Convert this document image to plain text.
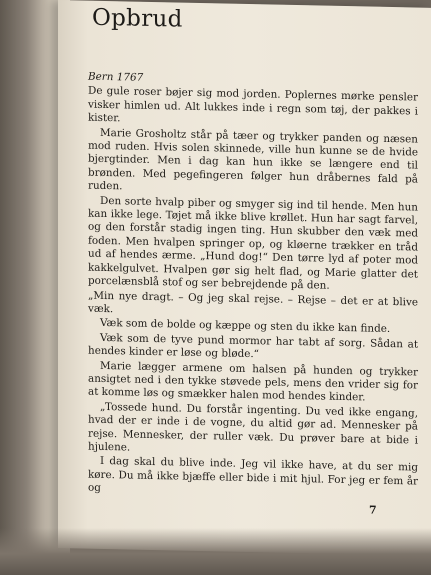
Opbrud
Bern 1767

De gule roser bøjer sig mod jorden. Poplernes mørke pensler visker himlen ud. Alt lukkes inde i regn som tøj, der pakkes i kister.

Marie Grosholtz står på tæer og trykker panden og næsen mod ruden. Hvis solen skinnede, ville hun kunne se de hvide bjergtinder. Men i dag kan hun ikke se længere end til brønden. Med pegefingeren følger hun dråbernes fald på ruden.

Den sorte hvalp piber og smyger sig ind til hende. Men hun kan ikke lege. Tøjet må ikke blive krøllet. Hun har sagt farvel, og den forstår stadig ingen ting. Hun skubber den væk med foden. Men hvalpen springer op, og kløerne trækker en tråd ud af hendes ærme. „Hund dog!“ Den tørre lyd af poter mod kakkelgulvet. Hvalpen gør sig helt flad, og Marie glatter det porcelænsblå stof og ser bebrejdende på den.

„Min nye dragt. – Og jeg skal rejse. – Rejse – det er at blive væk.

Væk som de bolde og kæppe og sten du ikke kan finde.

Væk som de tyve pund mormor har tabt af sorg. Sådan at hendes kinder er løse og bløde.“

Marie lægger armene om halsen på hunden og trykker ansigtet ned i den tykke støvede pels, mens den vrider sig for at komme løs og smækker halen mod hendes kinder.

„Tossede hund. Du forstår ingenting. Du ved ikke engang, hvad der er inde i de vogne, du altid gør ad. Mennesker på rejse. Mennesker, der ruller væk. Du prøver bare at bide i hjulene.

I dag skal du blive inde. Jeg vil ikke have, at du ser mig køre. Du må ikke bjæffe eller bide i mit hjul. For jeg er fem år og

7
